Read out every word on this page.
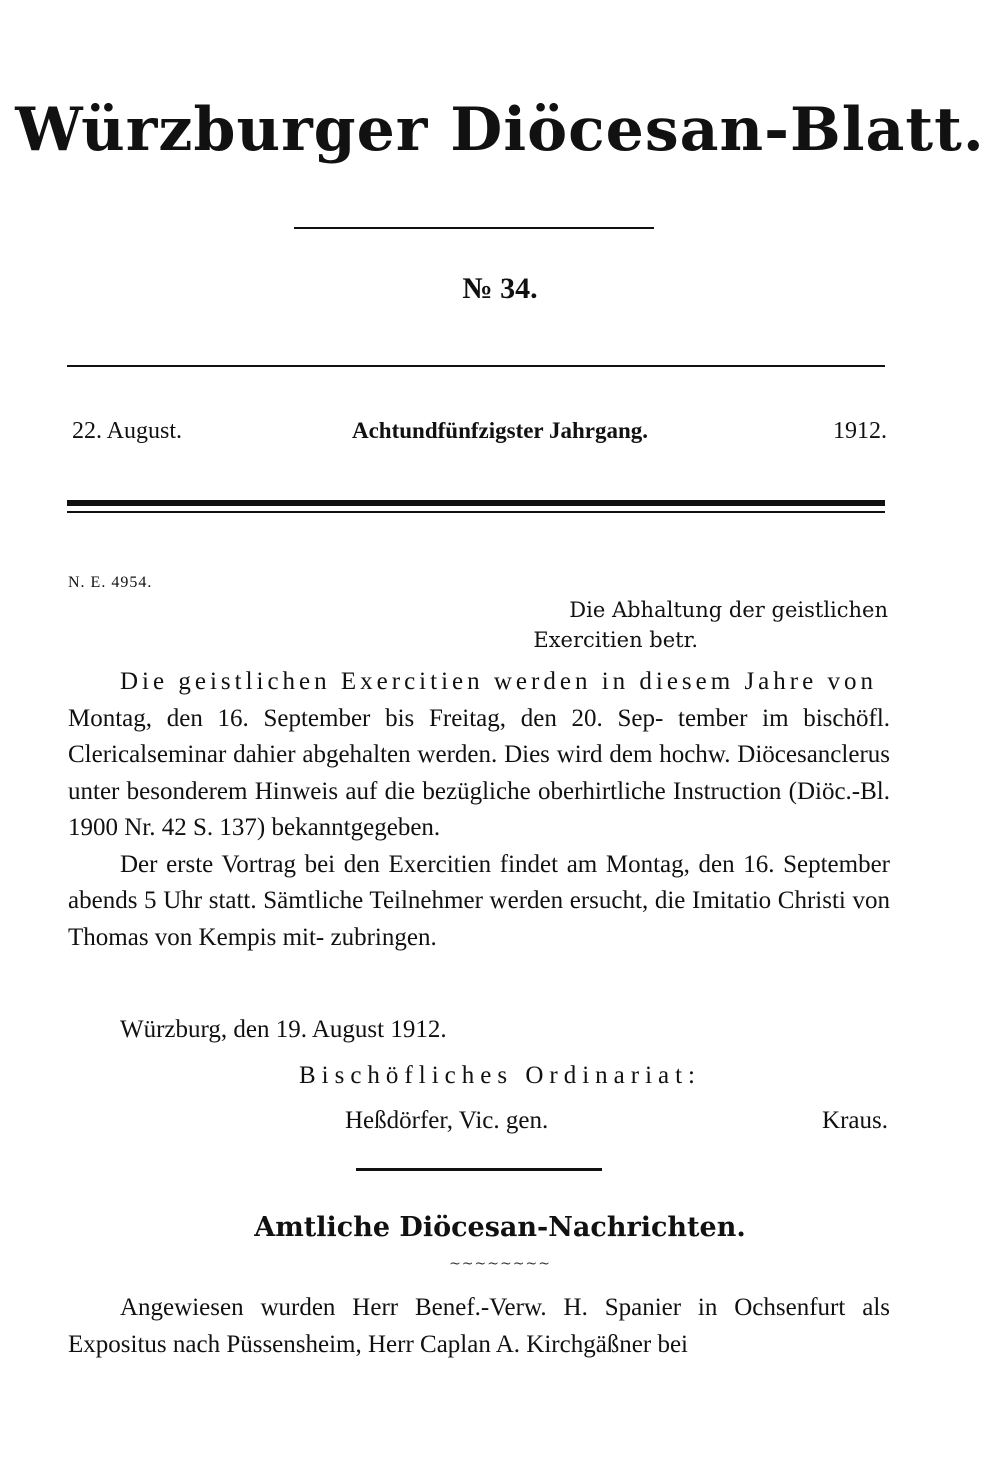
Würzburger Diöcesan-Blatt.
№ 34.
22. August.	Achtundfünfzigster Jahrgang.	1912.
N. E. 4954.
Die Abhaltung der geistlichen
Exercitien betr.

Die geistlichen Exercitien werden in diesem Jahre von
Montag, den 16. September bis Freitag, den 20. Sep- tember im bischöfl. Clericalseminar dahier abgehalten werden. Dies wird dem hochw. Diöcesanclerus unter besonderem Hinweis auf die bezügliche oberhirtliche Instruction (Diöc.-Bl. 1900 Nr. 42 S. 137) bekanntgegeben.

Der erste Vortrag bei den Exercitien findet am Montag, den 16. September abends 5 Uhr statt. Sämtliche Teilnehmer werden ersucht, die Imitatio Christi von Thomas von Kempis mit- zubringen.

Würzburg, den 19. August 1912.
Bischöfliches Ordinariat:
Heßdörfer, Vic. gen.	Kraus.
Amtliche Diöcesan-Nachrichten.
~~~~~~~~

Angewiesen wurden Herr Benef.-Verw. H. Spanier in Ochsenfurt als Expositus nach Püssensheim, Herr Caplan A. Kirchgäßner bei
